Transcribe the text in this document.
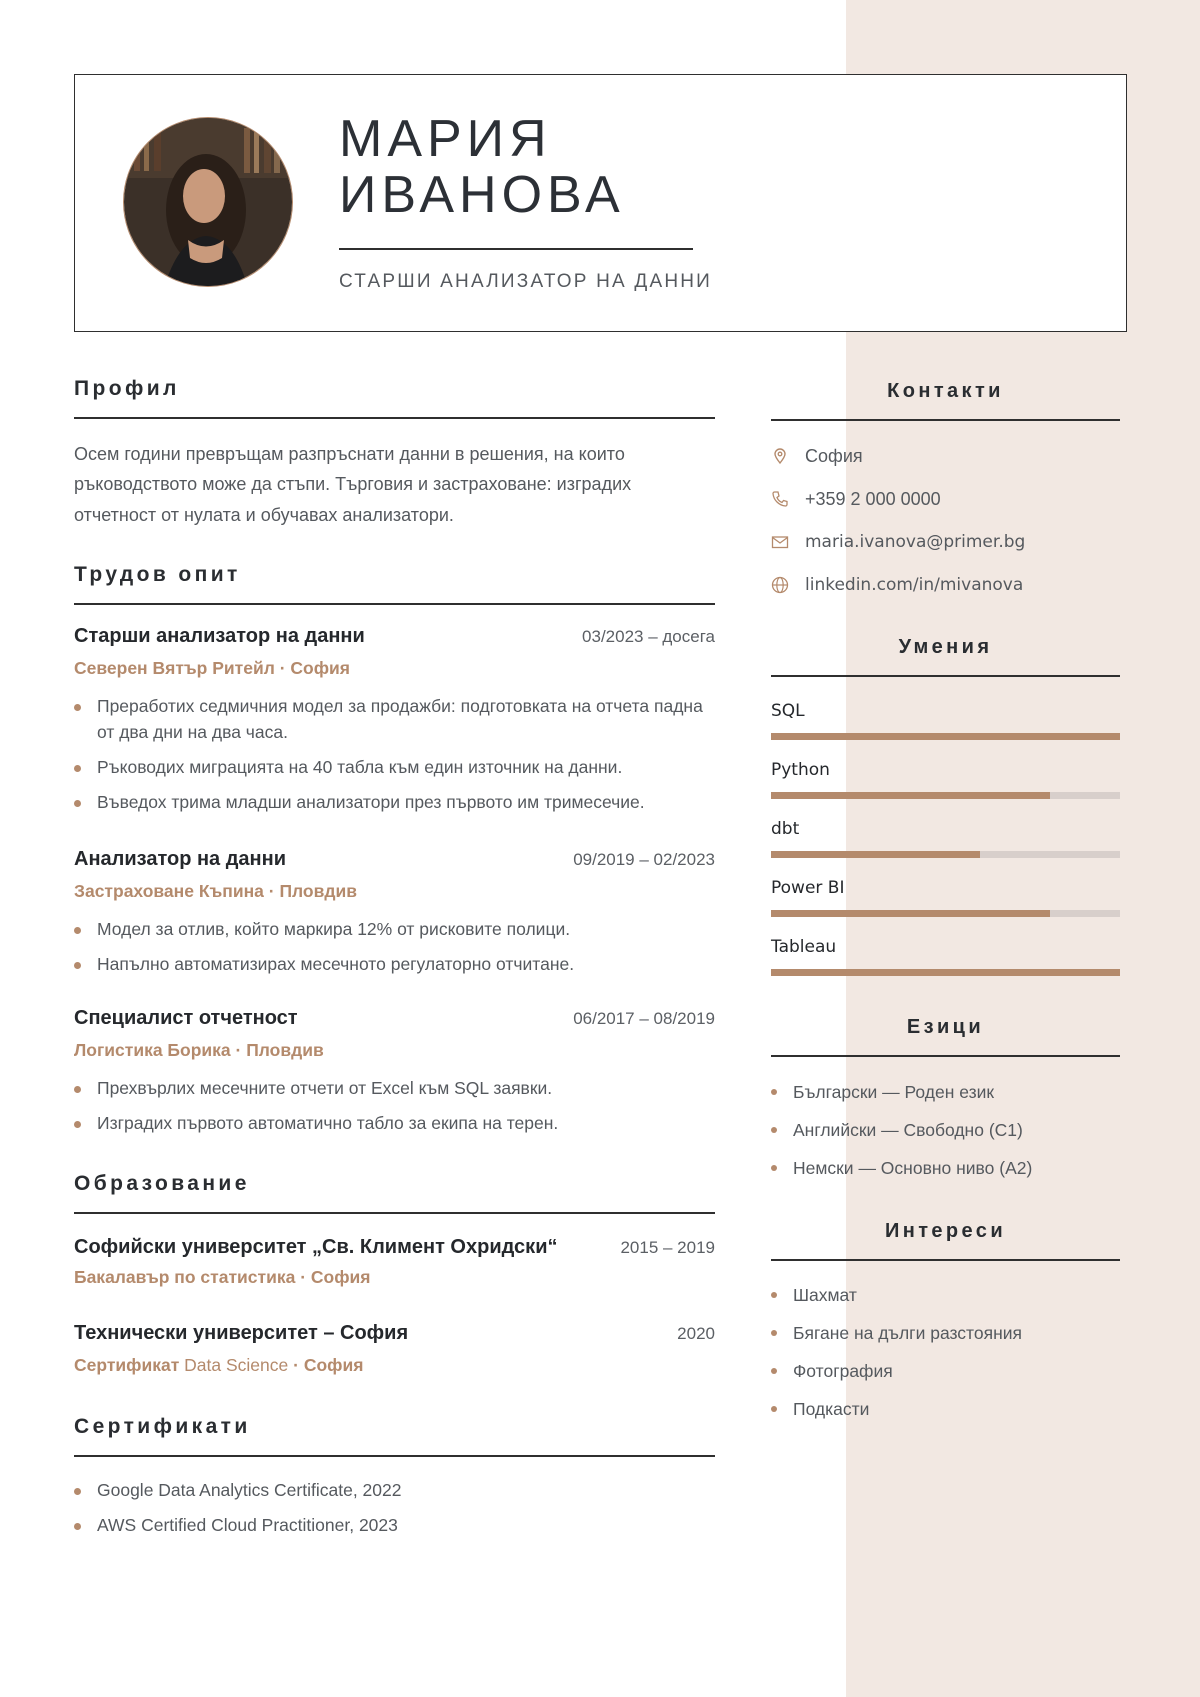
МАРИЯ
ИВАНОВА
СТАРШИ АНАЛИЗАТОР НА ДАННИ
Профил
Осем години превръщам разпръснати данни в решения, на които ръководството може да стъпи. Търговия и застраховане: изградих отчетност от нулата и обучавах анализатори.
Трудов опит
Старши анализатор на данни	03/2023 – досега
Северен Вятър Ритейл · София
Преработих седмичния модел за продажби: подготовката на отчета падна от два дни на два часа.
Ръководих миграцията на 40 табла към един източник на данни.
Въведох трима младши анализатори през първото им тримесечие.
Анализатор на данни	09/2019 – 02/2023
Застраховане Къпина · Пловдив
Модел за отлив, който маркира 12% от рисковите полици.
Напълно автоматизирах месечното регулаторно отчитане.
Специалист отчетност	06/2017 – 08/2019
Логистика Борика · Пловдив
Прехвърлих месечните отчети от Excel към SQL заявки.
Изградих първото автоматично табло за екипа на терен.
Образование
Софийски университет „Св. Климент Охридски“	2015 – 2019
Бакалавър по статистика · София
Технически университет – София	2020
Сертификат Data Science · София
Сертификати
Google Data Analytics Certificate, 2022
AWS Certified Cloud Practitioner, 2023
Контакти
София
+359 2 000 0000
maria.ivanova@primer.bg
linkedin.com/in/mivanova
Умения
SQL
Python
dbt
Power BI
Tableau
Езици
Български — Роден език
Английски — Свободно (C1)
Немски — Основно ниво (A2)
Интереси
Шахмат
Бягане на дълги разстояния
Фотография
Подкасти
